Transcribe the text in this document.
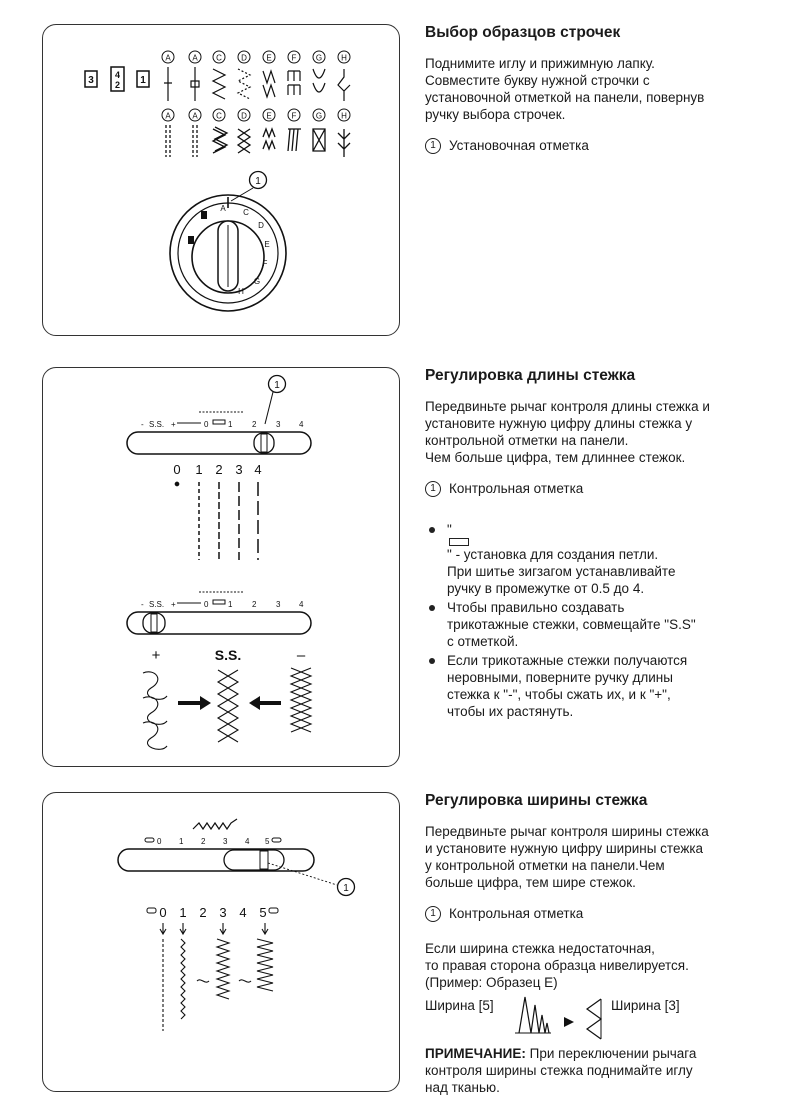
3 4
2 1
A	A C D E F G H
A	A C D E F G H
A C
D
E
F
G
H
1
Выбор образцов строчек
Поднимите иглу и прижимную лапку.
Совместите букву нужной строчки с
установочной отметкой на панели, повернув
ручку выбора строчек.
1 Установочная отметка
1
- S.S. +	0 1 2 3 4
0 1 2 3 4
- S.S. +	0 1 2 3 4
+	S.S.	–
Регулировка длины стежка
Передвиньте рычаг контроля длины стежка и
установите нужную цифру длины стежка у
контрольной отметки на панели.
Чем больше цифра, тем длиннее стежок.
1 Контрольная отметка
"
" - установка для создания петли.
При шитье зигзагом устанавливайте
ручку в промежутке от 0.5 до 4.
Чтобы правильно создавать
трикотажные стежки, совмещайте "S.S"
с отметкой.
Если трикотажные стежки получаются
неровными, поверните ручку длины
стежка к "-", чтобы сжать их, и к "+",
чтобы их растянуть.
0 1 2 3 4 5
1
0 1 2 3 4 5
Регулировка ширины стежка
Передвиньте рычаг контроля ширины стежка
и установите нужную цифру ширины стежка
у контрольной отметки на панели.Чем
больше цифра, тем шире стежок.
1 Контрольная отметка
Если ширина стежка недостаточная,
то правая сторона образца нивелируется.
(Пример: Образец Е)
Ширина [5]	Ширина [3]
ПРИМЕЧАНИЕ: При переключении рычага
контроля ширины стежка поднимайте иглу
над тканью.
